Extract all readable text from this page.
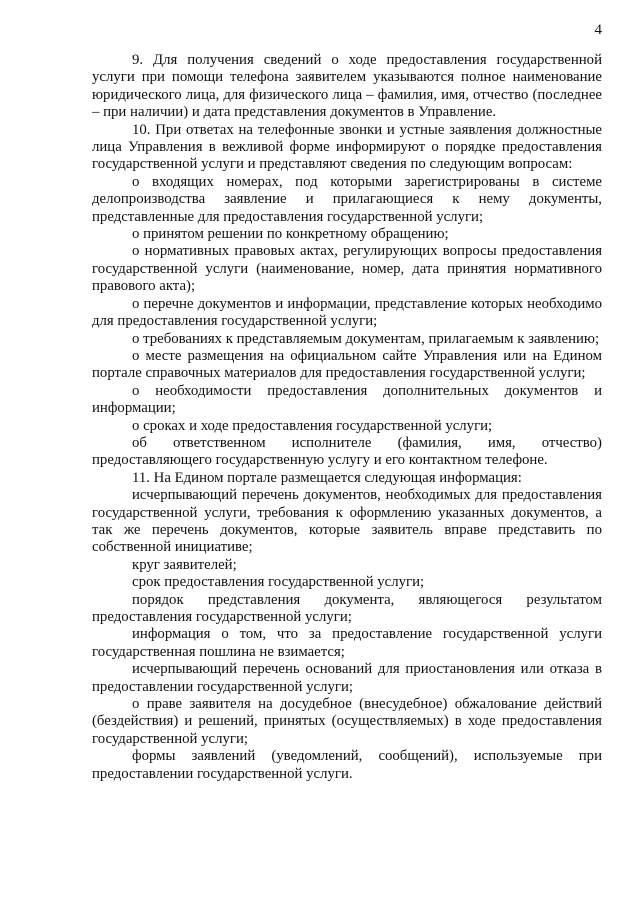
4

9. Для получения сведений о ходе предоставления государственной услуги при помощи телефона заявителем указываются полное наименование юридического лица, для физического лица – фамилия, имя, отчество (последнее – при наличии) и дата представления документов в Управление.

10. При ответах на телефонные звонки и устные заявления должностные лица Управления в вежливой форме информируют о порядке предоставления государственной услуги и представляют сведения по следующим вопросам:

о входящих номерах, под которыми зарегистрированы в системе делопроизводства заявление и прилагающиеся к нему документы, представленные для предоставления государственной услуги;

о принятом решении по конкретному обращению;

о нормативных правовых актах, регулирующих вопросы предоставления государственной услуги (наименование, номер, дата принятия нормативного правового акта);

о перечне документов и информации, представление которых необходимо для предоставления государственной услуги;

о требованиях к представляемым документам, прилагаемым к заявлению;

о месте размещения на официальном сайте Управления или на Едином портале справочных материалов для предоставления государственной услуги;

о необходимости предоставления дополнительных документов и информации;

о сроках и ходе предоставления государственной услуги;

об ответственном исполнителе (фамилия, имя, отчество) предоставляющего государственную услугу и его контактном телефоне.

11. На Едином портале размещается следующая информация:

исчерпывающий перечень документов, необходимых для предоставления государственной услуги, требования к оформлению указанных документов, а так же перечень документов, которые заявитель вправе представить по собственной инициативе;

круг заявителей;

срок предоставления государственной услуги;

порядок представления документа, являющегося результатом предоставления государственной услуги;

информация о том, что за предоставление государственной услуги государственная пошлина не взимается;

исчерпывающий перечень оснований для приостановления или отказа в предоставлении государственной услуги;

о праве заявителя на досудебное (внесудебное) обжалование действий (бездействия) и решений, принятых (осуществляемых) в ходе предоставления государственной услуги;

формы заявлений (уведомлений, сообщений), используемые при предоставлении государственной услуги.
